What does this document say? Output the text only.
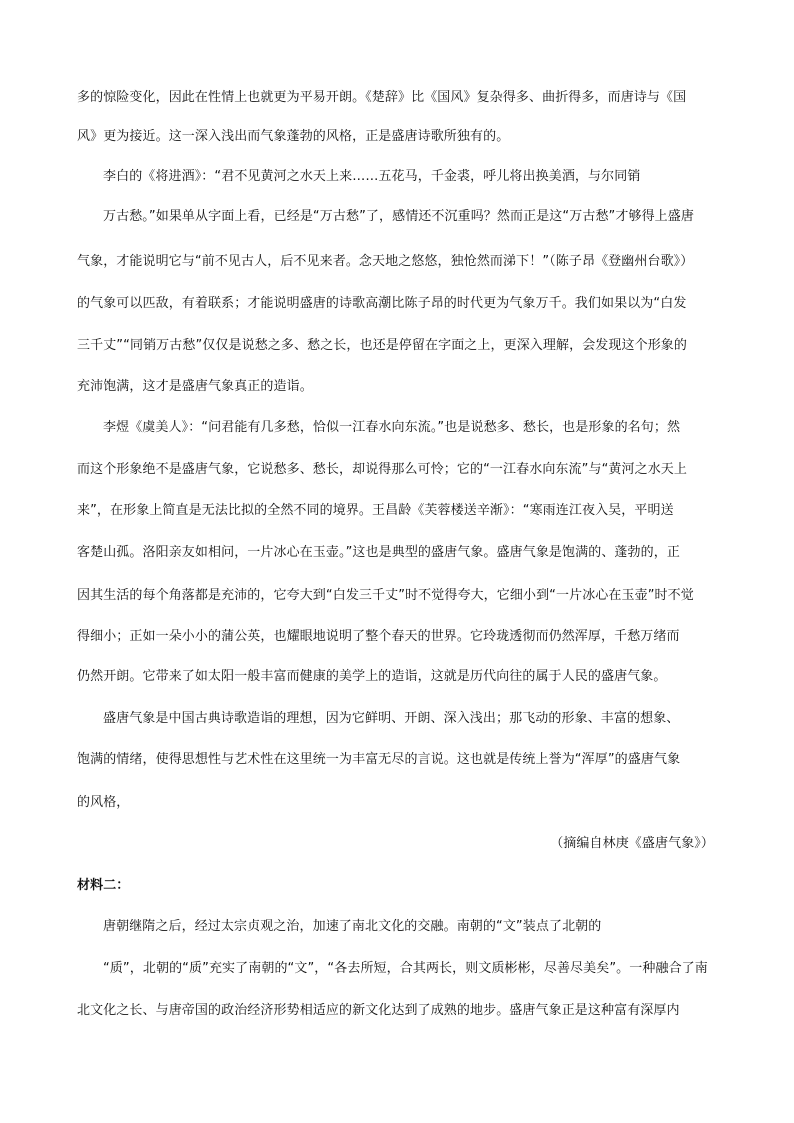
多的惊险变化，因此在性情上也就更为平易开朗。《楚辞》比《国风》复杂得多、曲折得多，而唐诗与《国
风》更为接近。这一深入浅出而气象蓬勃的风格，正是盛唐诗歌所独有的。
李白的《将进酒》：“君不见黄河之水天上来……五花马，千金裘，呼儿将出换美酒，与尔同销
万古愁。”如果单从字面上看，已经是“万古愁”了，感情还不沉重吗？然而正是这“万古愁”才够得上盛唐
气象，才能说明它与“前不见古人，后不见来者。念天地之悠悠，独怆然而涕下！”（陈子昂《登幽州台歌》）
的气象可以匹敌，有着联系；才能说明盛唐的诗歌高潮比陈子昂的时代更为气象万千。我们如果以为“白发
三千丈”“同销万古愁”仅仅是说愁之多、愁之长，也还是停留在字面之上，更深入理解，会发现这个形象的
充沛饱满，这才是盛唐气象真正的造诣。
李煜《虞美人》：“问君能有几多愁，恰似一江春水向东流。”也是说愁多、愁长，也是形象的名句；然
而这个形象绝不是盛唐气象，它说愁多、愁长，却说得那么可怜；它的“一江春水向东流”与“黄河之水天上
来”，在形象上简直是无法比拟的全然不同的境界。王昌龄《芙蓉楼送辛渐》：“寒雨连江夜入吴，平明送
客楚山孤。洛阳亲友如相问，一片冰心在玉壶。”这也是典型的盛唐气象。盛唐气象是饱满的、蓬勃的，正
因其生活的每个角落都是充沛的，它夸大到“白发三千丈”时不觉得夸大，它细小到“一片冰心在玉壶”时不觉
得细小；正如一朵小小的蒲公英，也耀眼地说明了整个春天的世界。它玲珑透彻而仍然浑厚，千愁万绪而
仍然开朗。它带来了如太阳一般丰富而健康的美学上的造诣，这就是历代向往的属于人民的盛唐气象。
盛唐气象是中国古典诗歌造诣的理想，因为它鲜明、开朗、深入浅出；那飞动的形象、丰富的想象、
饱满的情绪，使得思想性与艺术性在这里统一为丰富无尽的言说。这也就是传统上誉为“浑厚”的盛唐气象
的风格，
（摘编自林庚《盛唐气象》）
材料二：
唐朝继隋之后，经过太宗贞观之治，加速了南北文化的交融。南朝的“文”装点了北朝的
“质”，北朝的“质”充实了南朝的“文”，“各去所短，合其两长，则文质彬彬，尽善尽美矣”。一种融合了南
北文化之长、与唐帝国的政治经济形势相适应的新文化达到了成熟的地步。盛唐气象正是这种富有深厚内
